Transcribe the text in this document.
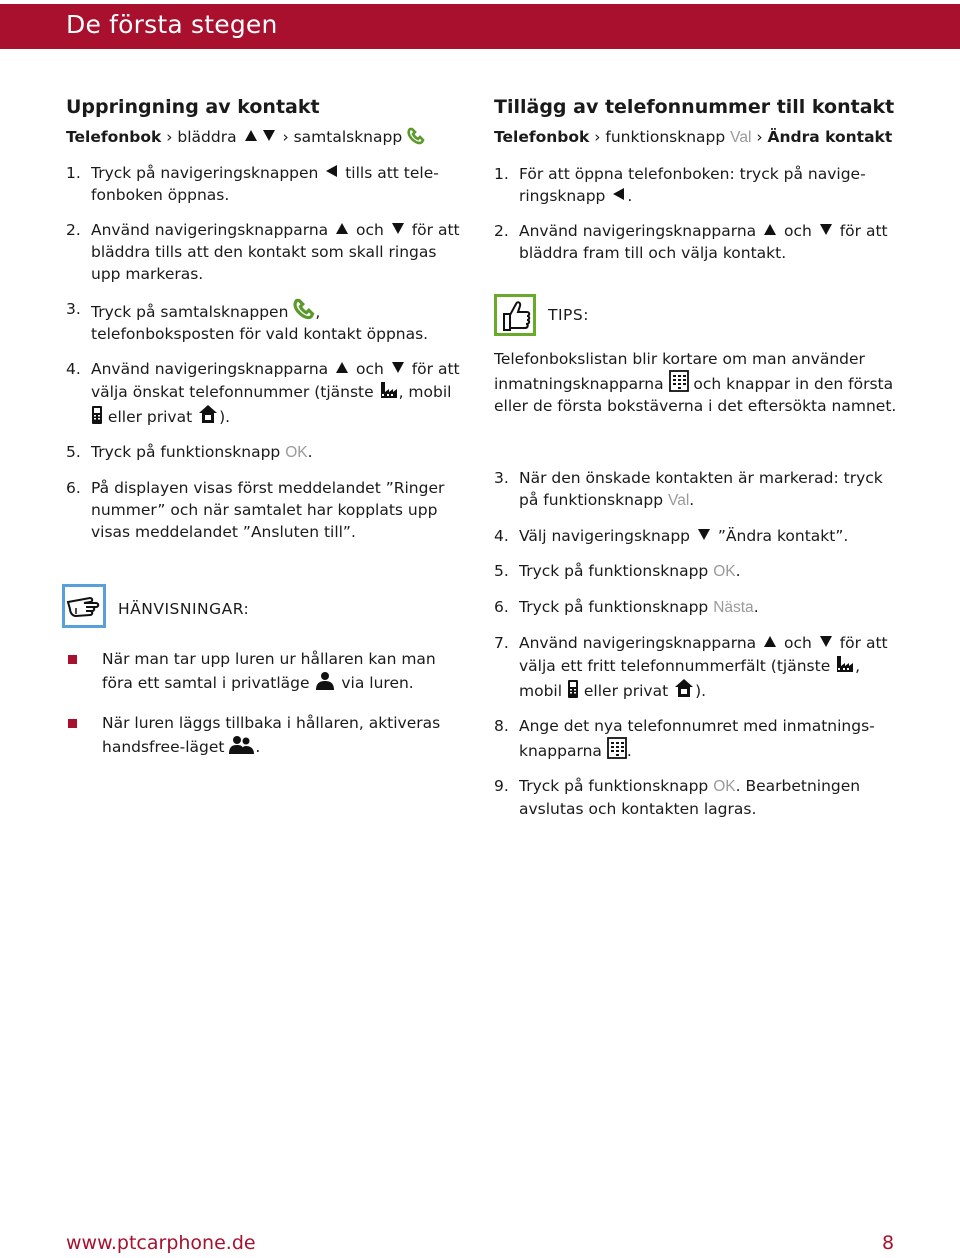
De första stegen
Uppringning av kontakt
Telefonbok › bläddra  › samtalsknapp
1. Tryck på navigeringsknappen  tills att tele-fonboken öppnas.
2. Använd navigeringsknapparna  och  för att bläddra tills att den kontakt som skall ringas upp markeras.
3. Tryck på samtalsknappen , telefonboksposten för vald kontakt öppnas.
4. Använd navigeringsknapparna  och  för att välja önskat telefonnummer (tjänste , mobil  eller privat ).
5. Tryck på funktionsknapp OK.
6. På displayen visas först meddelandet ”Ringer nummer” och när samtalet har kopplats upp visas meddelandet ”Ansluten till”.
HÄNVISNINGAR:
När man tar upp luren ur hållaren kan man föra ett samtal i privatläge  via luren.
När luren läggs tillbaka i hållaren, aktiveras handsfree-läget .
Tillägg av telefonnummer till kontakt
Telefonbok › funktionsknapp Val › Ändra kontakt
1. För att öppna telefonboken: tryck på navige-ringsknapp .
2. Använd navigeringsknapparna  och  för att bläddra fram till och välja kontakt.
TIPS:
Telefonbokslistan blir kortare om man använder inmatningsknapparna  och knappar in den första eller de första bokstäverna i det eftersökta namnet.
3. När den önskade kontakten är markerad: tryck på funktionsknapp Val.
4. Välj navigeringsknapp  ”Ändra kontakt”.
5. Tryck på funktionsknapp OK.
6. Tryck på funktionsknapp Nästa.
7. Använd navigeringsknapparna  och  för att välja ett fritt telefonnummerfält (tjänste , mobil  eller privat ).
8. Ange det nya telefonnumret med inmatnings-knapparna .
9. Tryck på funktionsknapp OK. Bearbetningen avslutas och kontakten lagras.
www.ptcarphone.de	8
